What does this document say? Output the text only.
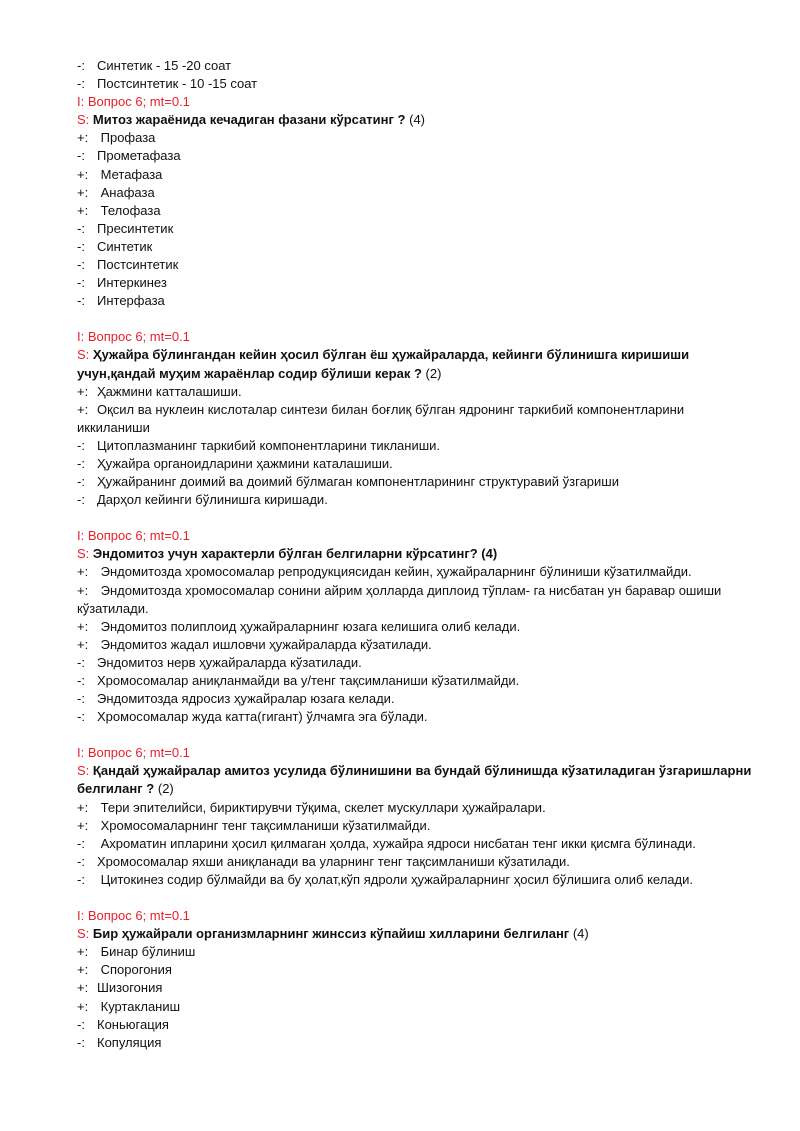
-: Синтетик - 15 -20 соат
-: Постсинтетик - 10 -15 соат
I: Вопрос 6; mt=0.1
S: Митоз жараёнида кечадиган фазани кўрсатинг ? (4)
+: Профаза
-: Прометафаза
+: Метафаза
+: Анафаза
+: Телофаза
-: Пресинтетик
-: Синтетик
-: Постсинтетик
-: Интеркинез
-: Интерфаза
I: Вопрос 6; mt=0.1
S: Ҳужайра бўлингандан кейин ҳосил бўлган ёш ҳужайраларда, кейинги бўлинишга киришиши учун,қандай муҳим жараёнлар содир бўлиши керак ? (2)
+: Ҳажмини катталашиши.
+: Оқсил ва нуклеин кислоталар синтези билан боғлиқ бўлган ядронинг таркибий компонентларини иккиланиши
-: Цитоплазманинг таркибий компонентларини тикланиши.
-: Ҳужайра органоидларини ҳажмини каталашиши.
-: Ҳужайранинг доимий ва доимий бўлмаган компонентларининг структуравий ўзгариши
-: Дарҳол кейинги бўлинишга киришади.
I: Вопрос 6; mt=0.1
S: Эндомитоз учун характерли бўлган белгиларни кўрсатинг? (4)
+: Эндомитозда хромосомалар репродукциясидан кейин, ҳужайраларнинг бўлиниши кўзатилмайди.
+: Эндомитозда хромосомалар сонини айрим ҳолларда диплоид тўплам- га нисбатан ун баравар ошиши кўзатилади.
+: Эндомитоз полиплоид ҳужайраларнинг юзага келишига олиб келади.
+: Эндомитоз жадал ишловчи ҳужайраларда кўзатилади.
-: Эндомитоз нерв ҳужайраларда кўзатилади.
-: Хромосомалар аниқланмайди ва у/тенг тақсимланиши кўзатилмайди.
-: Эндомитозда ядросиз ҳужайралар юзага келади.
-: Хромосомалар жуда катта(гигант) ўлчамга эга бўлади.
I: Вопрос 6; mt=0.1
S: Қандай ҳужайралар амитоз усулида бўлинишини ва бундай бўлинишда кўзатиладиган ўзгаришларни белгиланг ? (2)
+: Тери эпителийси, бириктирувчи тўқима, скелет мускуллари ҳужайралари.
+: Хромосомаларнинг тенг тақсимланиши кўзатилмайди.
-: Ахроматин ипларини ҳосил қилмаган ҳолда, хужайра ядроси нисбатан тенг икки қисмга бўлинади.
-: Хромосомалар яхши аниқланади ва уларнинг тенг тақсимланиши кўзатилади.
-: Цитокинез содир бўлмайди ва бу ҳолат,кўп ядроли ҳужайраларнинг ҳосил бўлишига олиб келади.
I: Вопрос 6; mt=0.1
S: Бир ҳужайрали организмларнинг жинссиз кўпайиш хилларини белгиланг (4)
+: Бинар бўлиниш
+: Спорогония
+: Шизогония
+: Куртакланиш
-: Коньюгация
-: Копуляция
